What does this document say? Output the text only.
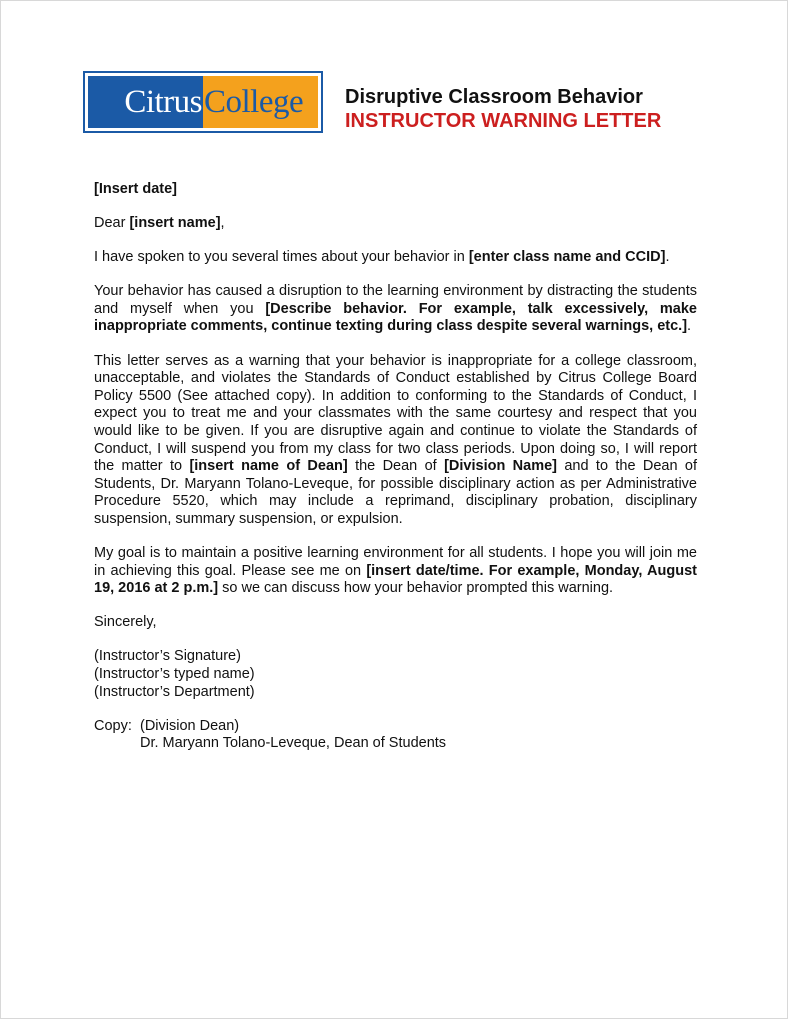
Citrus College	Disruptive Classroom Behavior
INSTRUCTOR WARNING LETTER

[Insert date]

Dear [insert name],

I have spoken to you several times about your behavior in [enter class name and CCID].

Your behavior has caused a disruption to the learning environment by distracting the students and myself when you [Describe behavior. For example, talk excessively, make inappropriate comments, continue texting during class despite several warnings, etc.].

This letter serves as a warning that your behavior is inappropriate for a college classroom, unacceptable, and violates the Standards of Conduct established by Citrus College Board Policy 5500 (See attached copy). In addition to conforming to the Standards of Conduct, I expect you to treat me and your classmates with the same courtesy and respect that you would like to be given. If you are disruptive again and continue to violate the Standards of Conduct, I will suspend you from my class for two class periods. Upon doing so, I will report the matter to [insert name of Dean] the Dean of [Division Name] and to the Dean of Students, Dr. Maryann Tolano-Leveque, for possible disciplinary action as per Administrative Procedure 5520, which may include a reprimand, disciplinary probation, disciplinary suspension, summary suspension, or expulsion.

My goal is to maintain a positive learning environment for all students. I hope you will join me in achieving this goal. Please see me on [insert date/time. For example, Monday, August 19, 2016 at 2 p.m.] so we can discuss how your behavior prompted this warning.

Sincerely,

(Instructor’s Signature)

(Instructor’s typed name)

(Instructor’s Department)

Copy: (Division Dean)
Dr. Maryann Tolano-Leveque, Dean of Students
